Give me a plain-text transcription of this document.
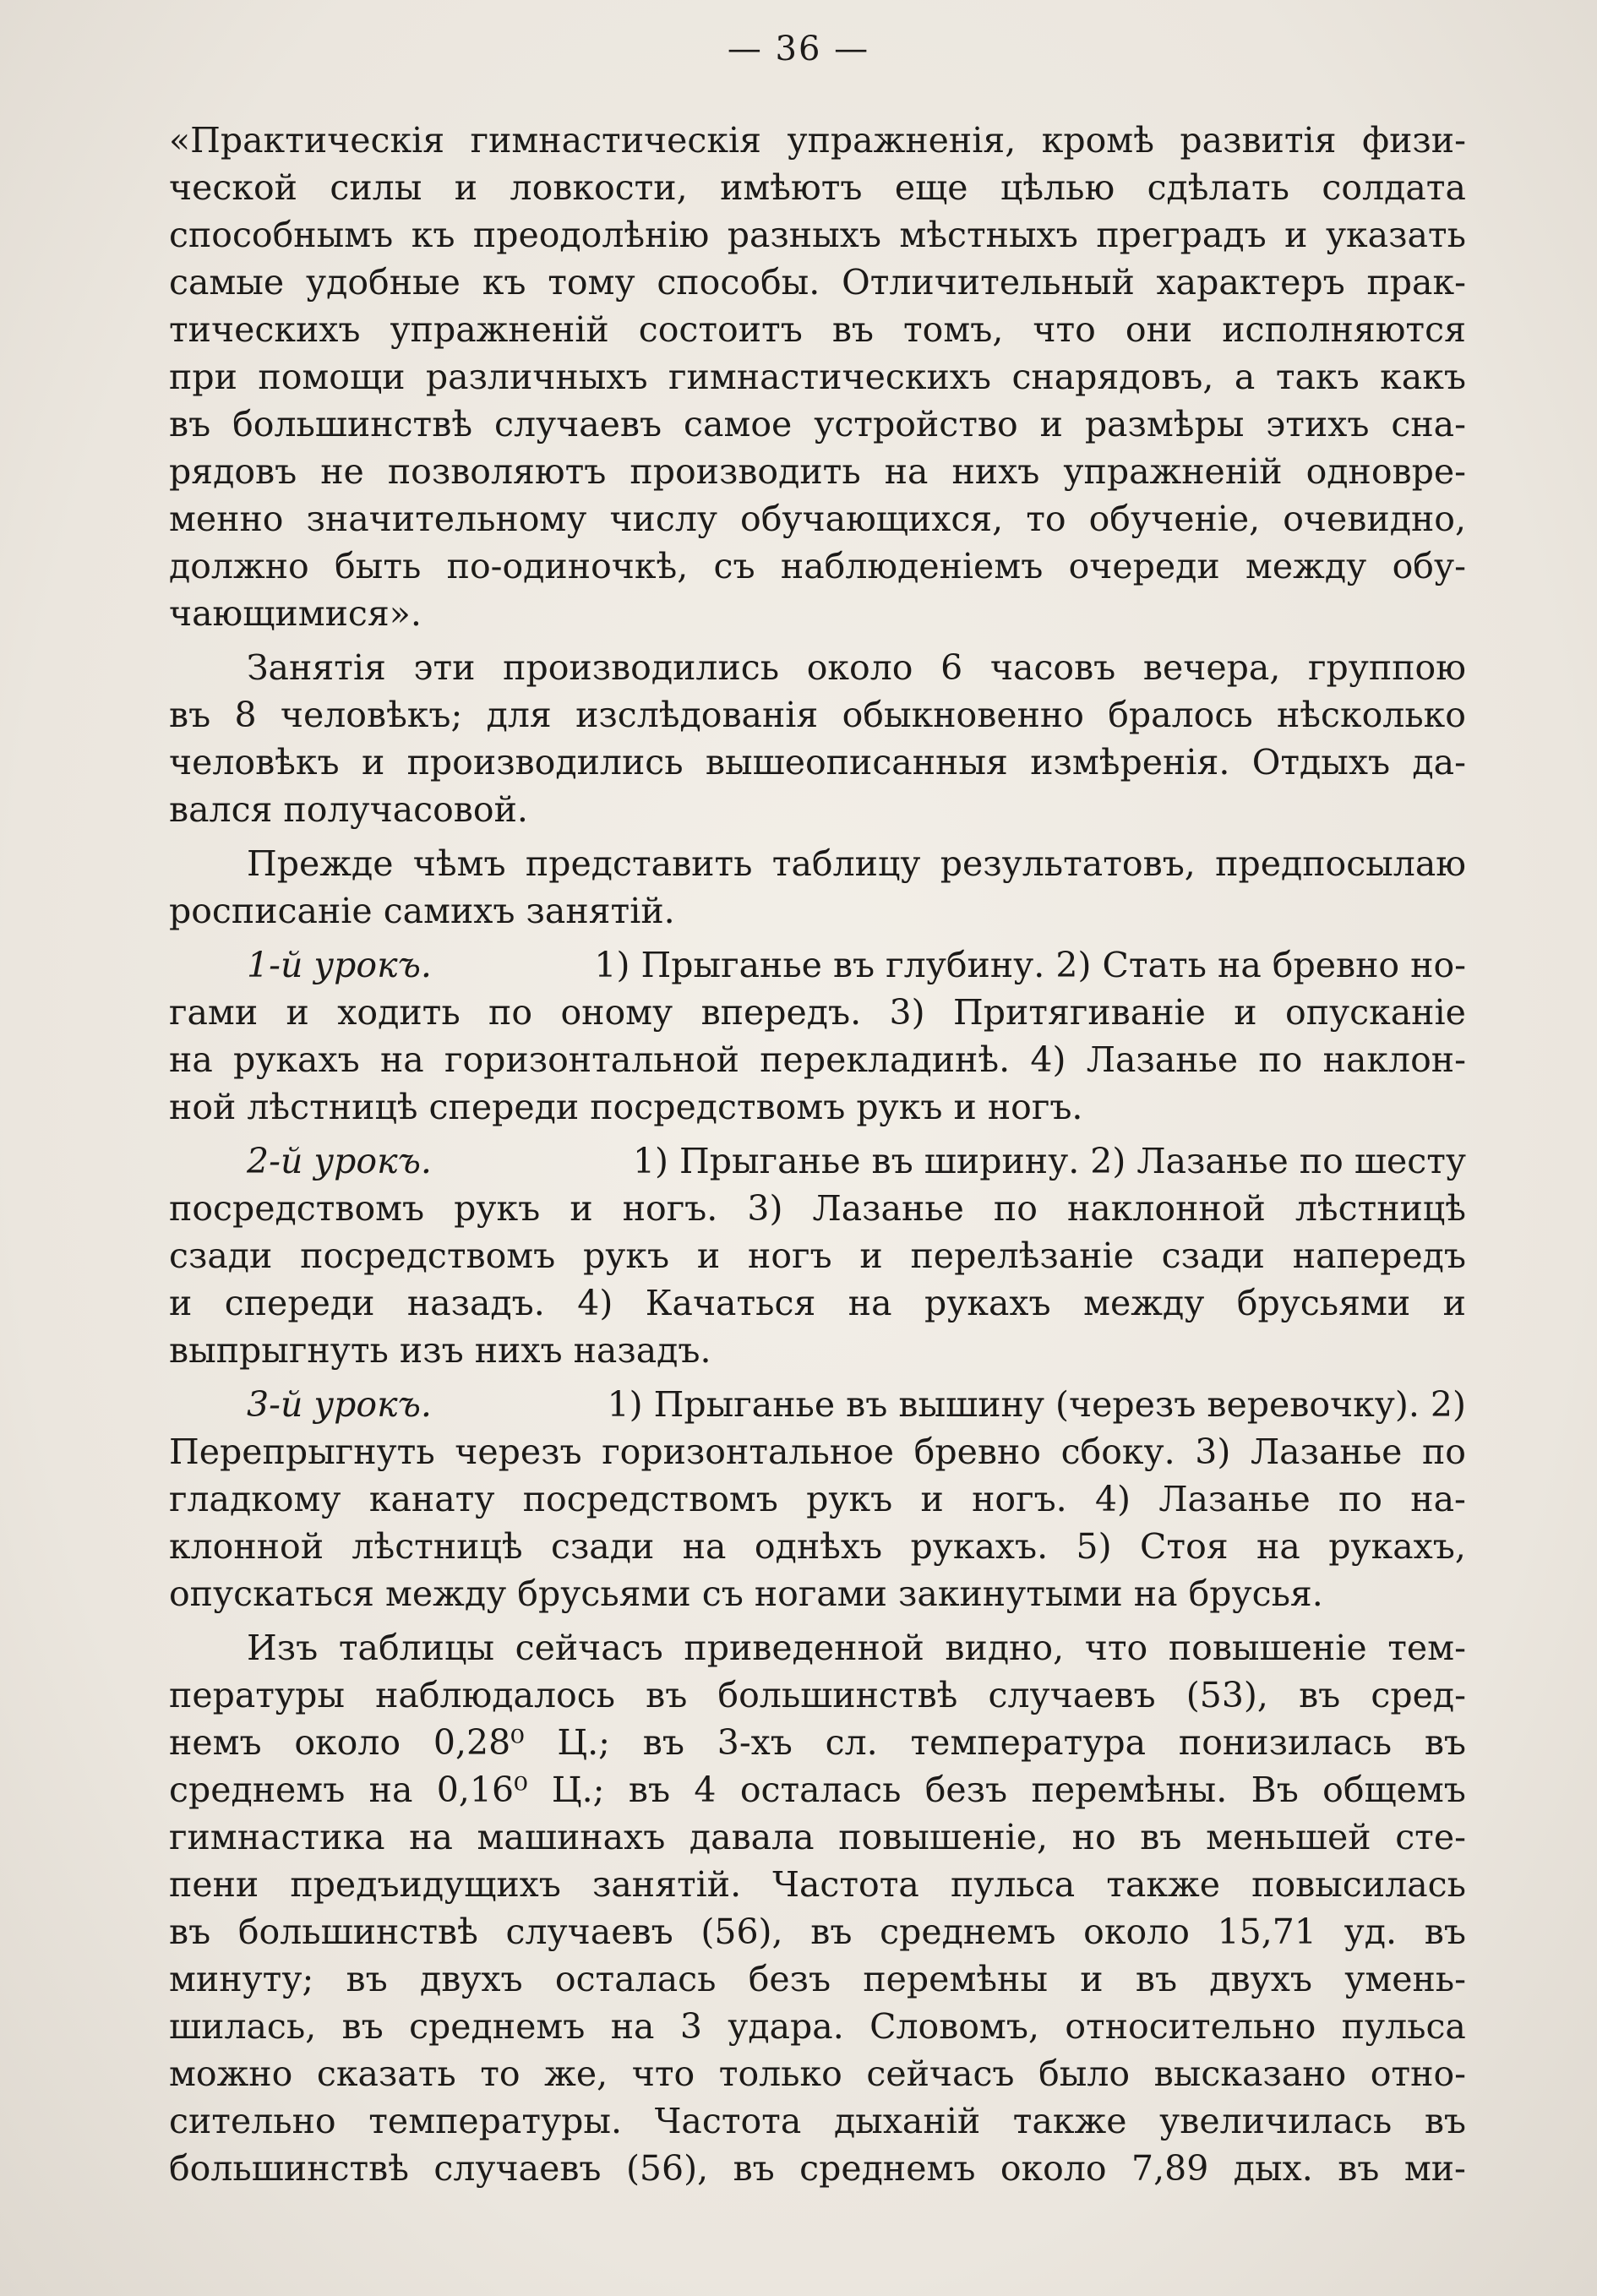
— 36 —
«Практическія гимнастическія упражненія, кромѣ развитія физи-
ческой силы и ловкости, имѣютъ еще цѣлью сдѣлать солдата
способнымъ къ преодолѣнію разныхъ мѣстныхъ преградъ и указать
самые удобные къ тому способы. Отличительный характеръ прак-
тическихъ упражненій состоитъ въ томъ, что они исполняются
при помощи различныхъ гимнастическихъ снарядовъ, а такъ какъ
въ большинствѣ случаевъ самое устройство и размѣры этихъ сна-
рядовъ не позволяютъ производить на нихъ упражненій одновре-
менно значительному числу обучающихся, то обученіе, очевидно,
должно быть по-одиночкѣ, съ наблюденіемъ очереди между обу-
чающимися».
Занятія эти производились около 6 часовъ вечера, группою
въ 8 человѣкъ; для изслѣдованія обыкновенно бралось нѣсколько
человѣкъ и производились вышеописанныя измѣренія. Отдыхъ да-
вался получасовой.
Прежде чѣмъ представить таблицу результатовъ, предпосылаю
росписаніе самихъ занятій.
1-й урокъ.	1) Прыганье въ глубину. 2) Стать на бревно но-
гами и ходить по оному впередъ. 3) Притягиваніе и опусканіе
на рукахъ на горизонтальной перекладинѣ. 4) Лазанье по наклон-
ной лѣстницѣ спереди посредствомъ рукъ и ногъ.
2-й урокъ.	1) Прыганье въ ширину. 2) Лазанье по шесту
посредствомъ рукъ и ногъ. 3) Лазанье по наклонной лѣстницѣ
сзади посредствомъ рукъ и ногъ и перелѣзаніе сзади напередъ
и спереди назадъ. 4) Качаться на рукахъ между брусьями и
выпрыгнуть изъ нихъ назадъ.
3-й урокъ.	1) Прыганье въ вышину (черезъ веревочку). 2)
Перепрыгнуть черезъ горизонтальное бревно сбоку. 3) Лазанье по
гладкому канату посредствомъ рукъ и ногъ. 4) Лазанье по на-
клонной лѣстницѣ сзади на однѣхъ рукахъ. 5) Стоя на рукахъ,
опускаться между брусьями съ ногами закинутыми на брусья.
Изъ таблицы сейчасъ приведенной видно, что повышеніе тем-
пературы наблюдалось въ большинствѣ случаевъ (53), въ сред-
немъ около 0,28⁰ Ц.; въ 3-хъ сл. температура понизилась въ
среднемъ на 0,16⁰ Ц.; въ 4 осталась безъ перемѣны. Въ общемъ
гимнастика на машинахъ давала повышеніе, но въ меньшей сте-
пени предъидущихъ занятій. Частота пульса также повысилась
въ большинствѣ случаевъ (56), въ среднемъ около 15,71 уд. въ
минуту; въ двухъ осталась безъ перемѣны и въ двухъ умень-
шилась, въ среднемъ на 3 удара. Словомъ, относительно пульса
можно сказать то же, что только сейчасъ было высказано отно-
сительно температуры. Частота дыханій также увеличилась въ
большинствѣ случаевъ (56), въ среднемъ около 7,89 дых. въ ми-
